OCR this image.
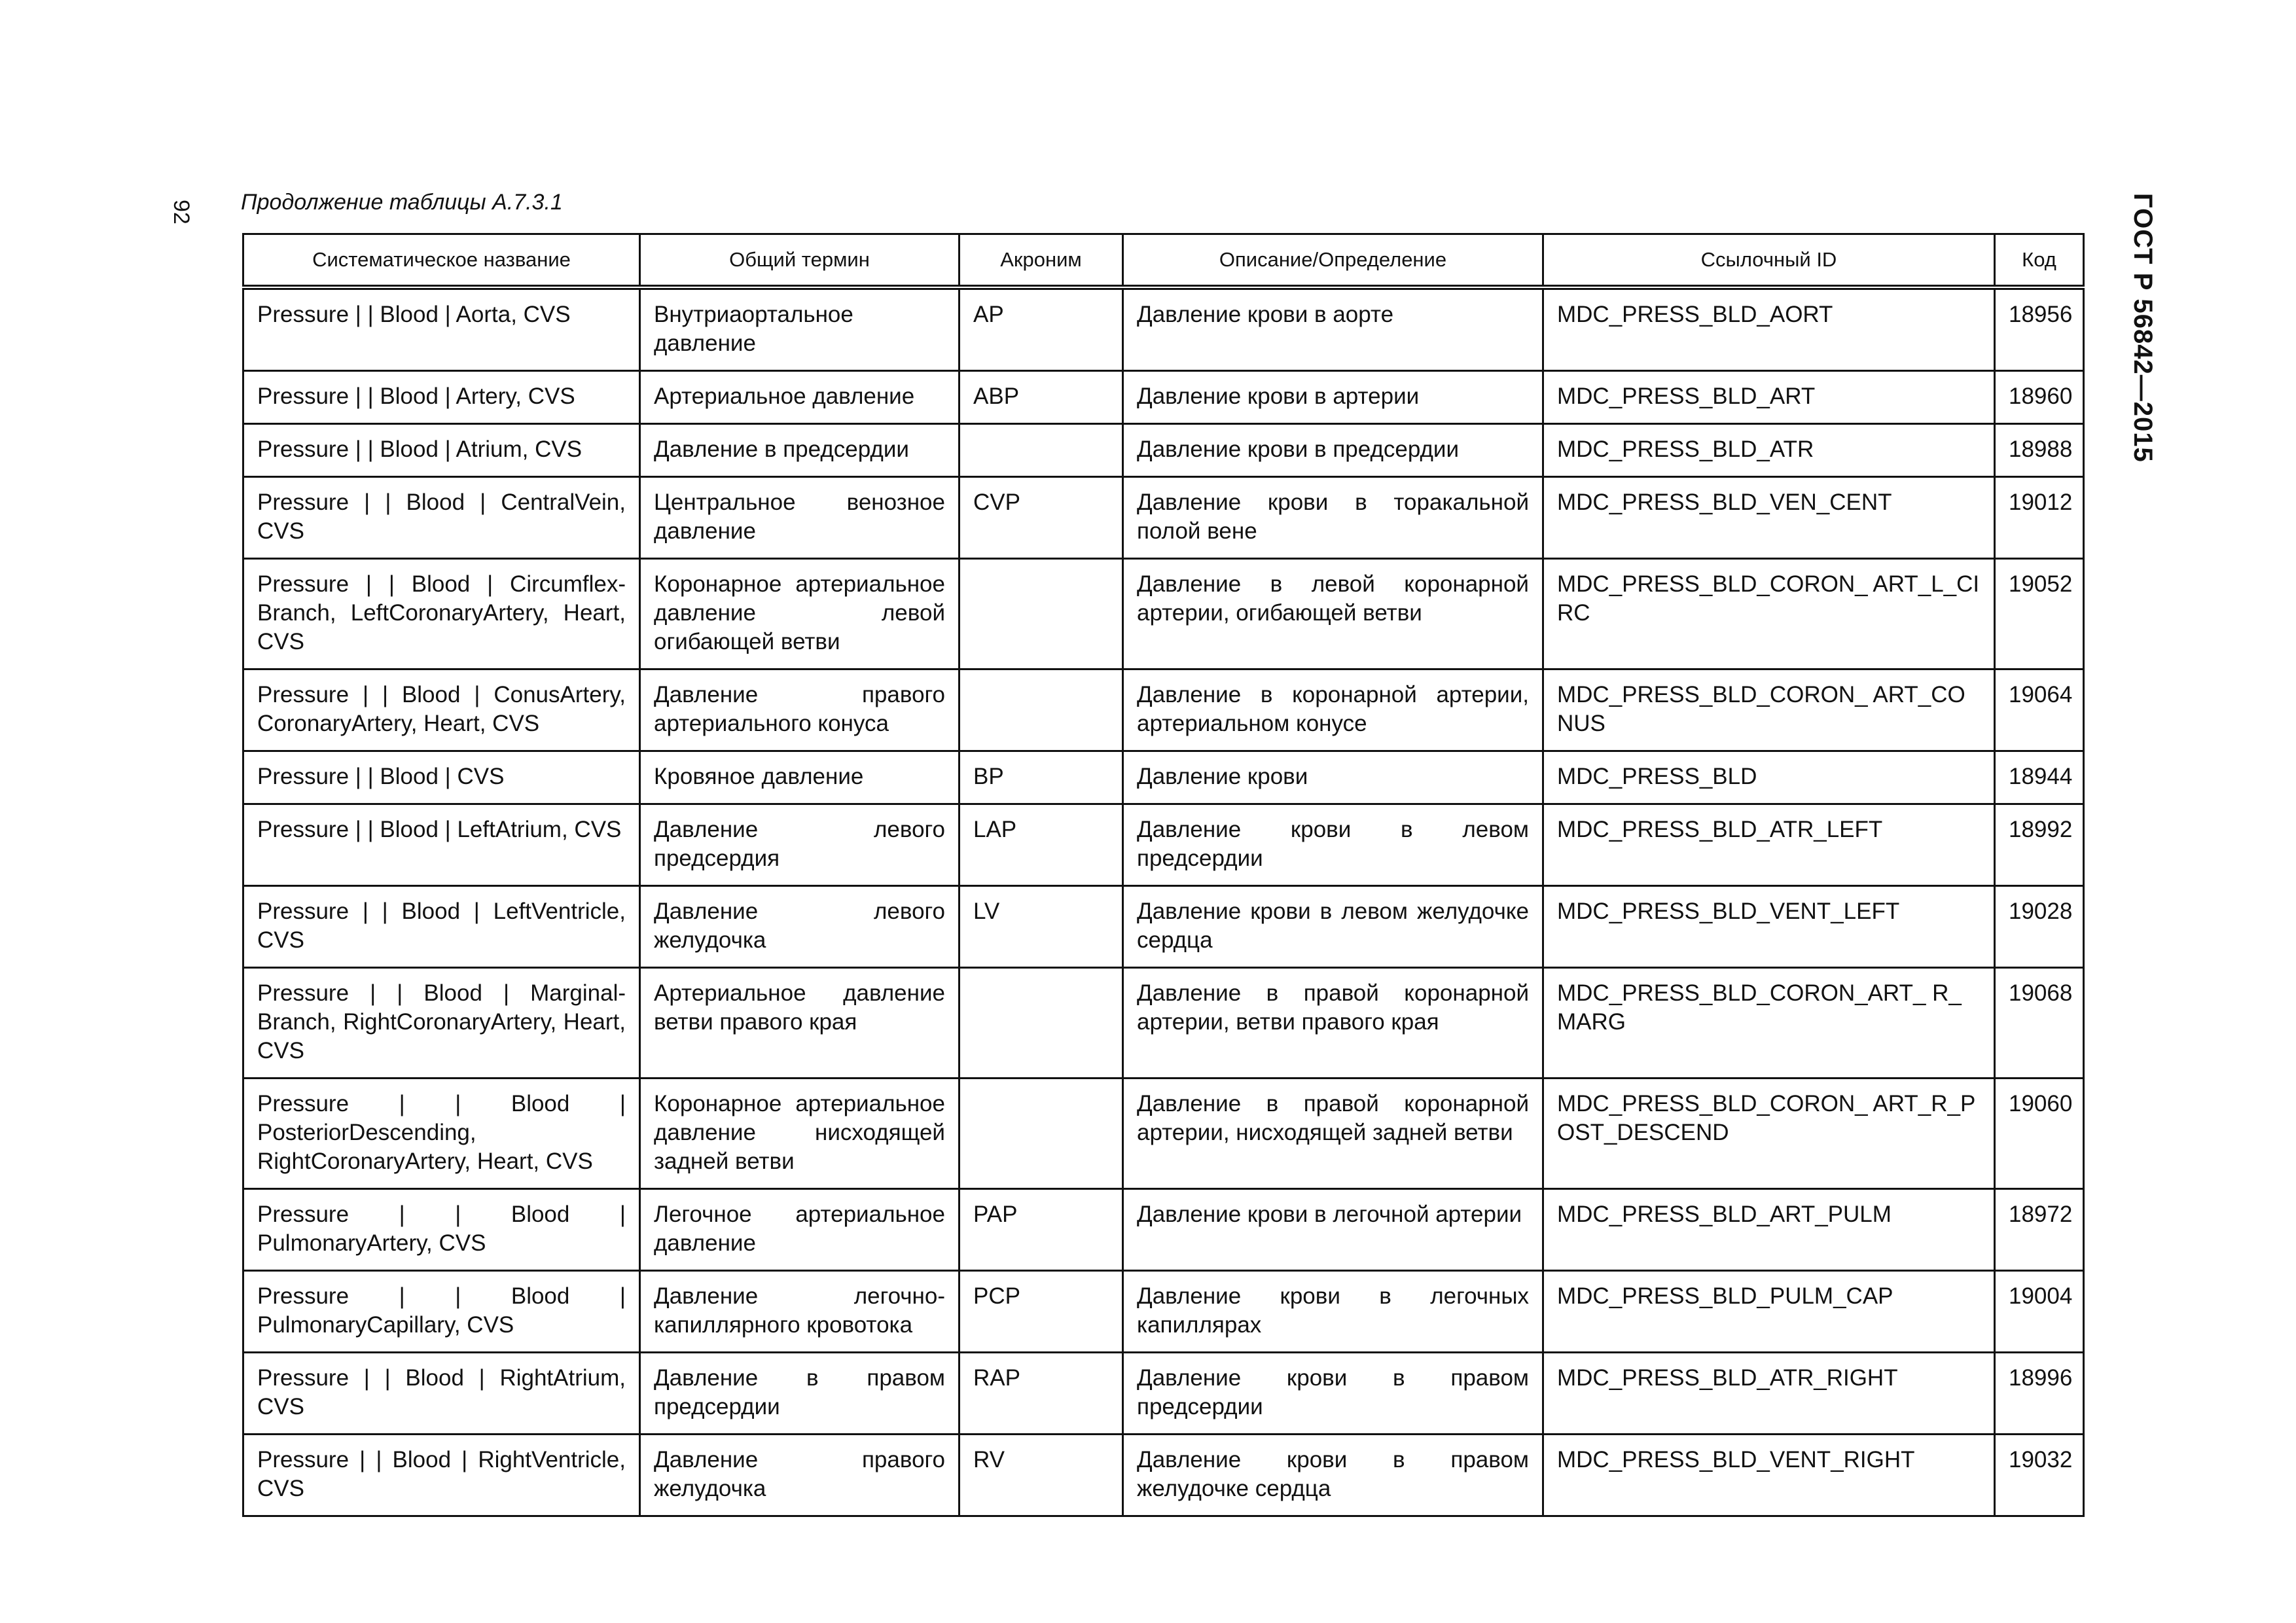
92	ГОСТ Р 56842—2015
Продолжение таблицы А.7.3.1
Систематическое название	Общий термин	Акроним	Описание/Определение	Ссылочный ID	Код
Pressure | | Blood | Aorta, CVS	Внутриаортальное давление	AP	Давление крови в аорте	MDC_PRESS_BLD_AORT	18956
Pressure | | Blood | Artery, CVS	Артериальное давление	ABP	Давление крови в артерии	MDC_PRESS_BLD_ART	18960
Pressure | | Blood | Atrium, CVS	Давление в предсердии		Давление крови в предсердии	MDC_PRESS_BLD_ATR	18988
Pressure | | Blood | CentralVein, CVS	Центральное венозное давление	CVP	Давление крови в торакальной полой вене	MDC_PRESS_BLD_VEN_CENT	19012
Pressure | | Blood | Circumflex-Branch, LeftCoronaryArtery, Heart, CVS	Коронарное артериальное давление левой огибающей ветви		Давление в левой коронарной артерии, огибающей ветви	MDC_PRESS_BLD_CORON_ ART_L_CIRC	19052
Pressure | | Blood | ConusArtery, CoronaryArtery, Heart, CVS	Давление правого артериального конуса		Давление в коронарной артерии, артериальном конусе	MDC_PRESS_BLD_CORON_ ART_CONUS	19064
Pressure | | Blood | CVS	Кровяное давление	BP	Давление крови	MDC_PRESS_BLD	18944
Pressure | | Blood | LeftAtrium, CVS	Давление левого предсердия	LAP	Давление крови в левом предсердии	MDC_PRESS_BLD_ATR_LEFT	18992
Pressure | | Blood | LeftVentricle, CVS	Давление левого желудочка	LV	Давление крови в левом желудочке сердца	MDC_PRESS_BLD_VENT_LEFT	19028
Pressure | | Blood | Marginal-Branch, RightCoronaryArtery, Heart, CVS	Артериальное давление ветви правого края		Давление в правой коронарной артерии, ветви правого края	MDC_PRESS_BLD_CORON_ART_ R_MARG	19068
Pressure | | Blood | PosteriorDescending, RightCoronaryArtery, Heart, CVS	Коронарное артериальное давление нисходящей задней ветви		Давление в правой коронарной артерии, нисходящей задней ветви	MDC_PRESS_BLD_CORON_ ART_R_POST_DESCEND	19060
Pressure | | Blood | PulmonaryArtery, CVS	Легочное артериальное давление	PAP	Давление крови в легочной артерии	MDC_PRESS_BLD_ART_PULM	18972
Pressure | | Blood | PulmonaryCapillary, CVS	Давление легочно-капиллярного кровотока	PCP	Давление крови в легочных капиллярах	MDC_PRESS_BLD_PULM_CAP	19004
Pressure | | Blood | RightAtrium, CVS	Давление в правом предсердии	RAP	Давление крови в правом предсердии	MDC_PRESS_BLD_ATR_RIGHT	18996
Pressure | | Blood | RightVentricle, CVS	Давление правого желудочка	RV	Давление крови в правом желудочке сердца	MDC_PRESS_BLD_VENT_RIGHT	19032
